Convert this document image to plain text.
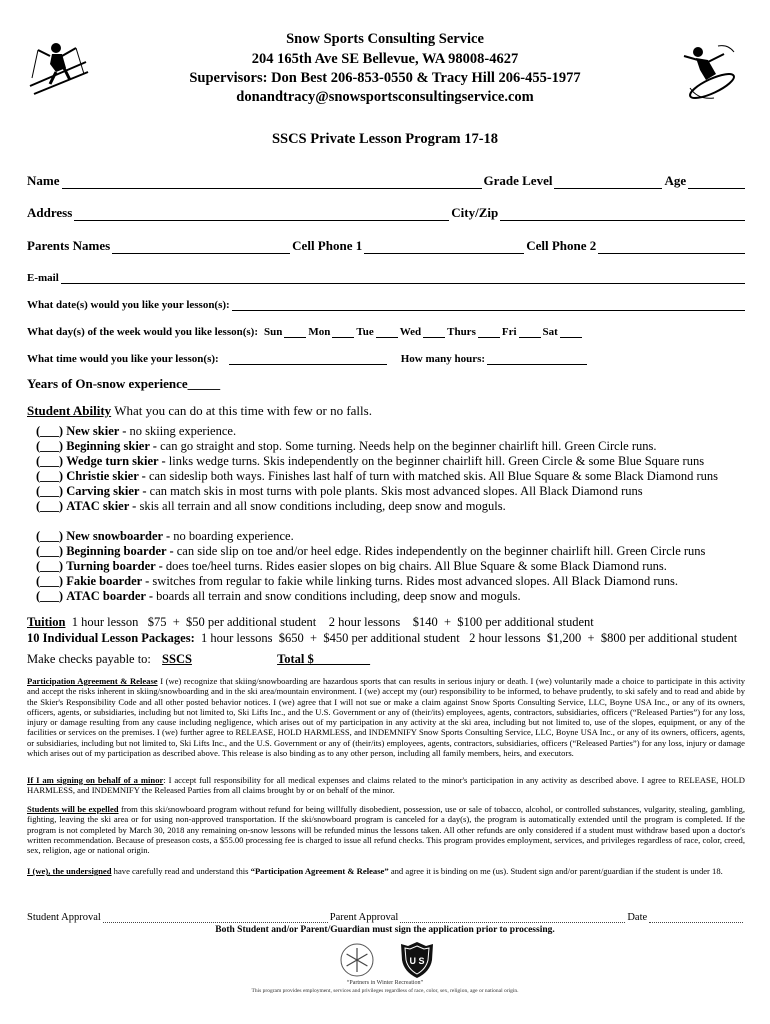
Snow Sports Consulting Service
204 165th Ave SE Bellevue, WA 98008-4627
Supervisors: Don Best 206-853-0550 & Tracy Hill 206-455-1977
donandtracy@snowsportsconsultingservice.com
SSCS Private Lesson Program 17-18
Name	Grade Level	Age
Address	City/Zip
Parents Names	Cell Phone 1	Cell Phone 2
E-mail
What date(s) would you like your lesson(s):
What day(s) of the week would you like lesson(s): Sun Mon Tue Wed Thurs Fri Sat
What time would you like your lesson(s):	How many hours:
Years of On-snow experience_____
Student Ability What you can do at this time with few or no falls.
(___) New skier - no skiing experience.
(___) Beginning skier - can go straight and stop. Some turning. Needs help on the beginner chairlift hill. Green Circle runs.
(___) Wedge turn skier - links wedge turns. Skis independently on the beginner chairlift hill. Green Circle & some Blue Square runs
(___) Christie skier - can sideslip both ways. Finishes last half of turn with matched skis. All Blue Square & some Black Diamond runs
(___) Carving skier - can match skis in most turns with pole plants. Skis most advanced slopes. All Black Diamond runs
(___) ATAC skier - skis all terrain and all snow conditions including, deep snow and moguls.
(___) New snowboarder - no boarding experience.
(___) Beginning boarder - can side slip on toe and/or heel edge. Rides independently on the beginner chairlift hill. Green Circle runs
(___) Turning boarder - does toe/heel turns. Rides easier slopes on big chairs. All Blue Square & some Black Diamond runs.
(___) Fakie boarder - switches from regular to fakie while linking turns. Rides most advanced slopes. All Black Diamond runs.
(___) ATAC boarder - boards all terrain and snow conditions including, deep snow and moguls.
Tuition  1 hour lesson   $75  +  $50 per additional student    2 hour lessons    $140  +  $100 per additional student
10 Individual Lesson Packages:  1 hour lessons  $650  +  $450 per additional student   2 hour lessons  $1,200  +  $800 per additional student
Make checks payable to: SSCS	Total $_________
Participation Agreement & Release I (we) recognize that skiing/snowboarding are hazardous sports that can results in serious injury or death. I (we) voluntarily made a choice to participate in this activity and accept the risks inherent in skiing/snowboarding and in the ski area/mountain environment. I (we) accept my (our) responsibility to be informed, to behave prudently, to ski safely and to read and abide by the Skier's Responsibility Code and all other posted behavior notices. I (we) agree that I will not sue or make a claim against Snow Sports Consulting Service, LLC, Boyne USA Inc., or any of its owners, officers, agents, or subsidiaries, including but not limited to, Ski Lifts Inc., and the U.S. Government or any of (their/its) employees, agents, contractors, subsidiaries, officers (“Released Parties”) for any loss, injury or damage resulting from any cause including negligence, which arises out of my participation in any activity at the ski area, including but not limited to, use of the slopes, equipment, or any of the facilities or services on the premises. I (we) further agree to RELEASE, HOLD HARMLESS, and INDEMNIFY Snow Sports Consulting Service, LLC, Boyne USA Inc., or any of its owners, officers, agents, or subsidiaries, including but not limited to, Ski Lifts Inc., and the U.S. Government or any of (their/its) employees, agents, contractors, subsidiaries, officers (“Released Parties”) for any loss, injury or damage which arises out of my participation as described above. This release is also binding as to any other person, including all family members, heirs, and executors.
If I am signing on behalf of a minor: I accept full responsibility for all medical expenses and claims related to the minor's participation in any activity as described above. I agree to RELEASE, HOLD HARMLESS, and INDEMNIFY the Released Parties from all claims brought by or on behalf of the minor.
Students will be expelled from this ski/snowboard program without refund for being willfully disobedient, possession, use or sale of tobacco, alcohol, or controlled substances, vulgarity, stealing, gambling, fighting, leaving the ski area or for using non-approved transportation. If the ski/snowboard program is canceled for a day(s), the program is automatically extended until the program is completed. If the program is not completed by March 30, 2018 any remaining on-snow lessons will be refunded minus the lessons taken. All other refunds are only considered if a student must withdraw based upon a doctor's written recommendation. Because of preseason costs, a $55.00 processing fee is charged to issue all refund checks. This program provides employment, services, and privileges regardless of race, color, creed, sex, religion, age or national origin.
I (we), the undersigned have carefully read and understand this “Participation Agreement & Release” and agree it is binding on me (us). Student sign and/or parent/guardian if the student is under 18.
Student Approval	Parent Approval	Date
Both Student and/or Parent/Guardian must sign the application prior to processing.
U S
“Partners in Winter Recreation”
This program provides employment, services and privileges regardless of race, color, sex, religion, age or national origin.
